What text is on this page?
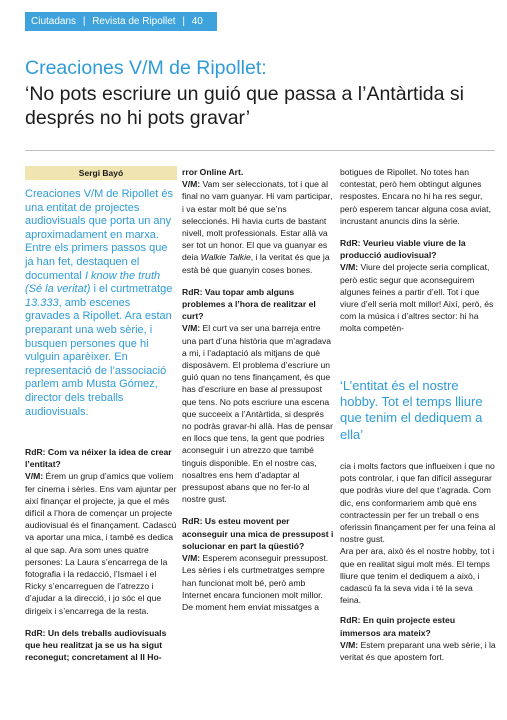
Ciutadans | Revista de Ripollet | 40
Creaciones V/M de Ripollet:
‘No pots escriure un guió que passa a l’Antàrtida si després no hi pots gravar’
Sergi Bayó
Creaciones V/M de Ripollet és una entitat de projectes audiovisuals que porta un any aproximadament en marxa. Entre els primers passos que ja han fet, destaquen el documental I know the truth (Sé la veritat) i el curtmetratge 13.333, amb escenes gravades a Ripollet. Ara estan preparant una web sèrie, i busquen persones que hi vulguin aparèixer. En representació de l’associació parlem amb Musta Gómez, director dels treballs audiovisuals.

RdR: Com va néixer la idea de crear l’entitat?

V/M: Érem un grup d’amics que volíem fer cinema i sèries. Ens vam ajuntar per així finançar el projecte, ja que el més difícil a l’hora de començar un projecte audiovisual és el finançament. Cadascú va aportar una mica, i també es dedica al que sap. Ara som unes quatre persones: La Laura s’encarrega de la fotografia i la redacció, l’Ismael i el Ricky s’encarreguen de l’atrezzo i d’ajudar a la direcció, i jo sóc el que dirigeix i s’encarrega de la resta.

RdR: Un dels treballs audiovisuals que heu realitzat ja se us ha sigut reconegut; concretament al II Ho-

rror Online Art.

V/M: Vam ser seleccionats, tot i que al final no vam guanyar. Hi vam participar, i va estar molt bé que se’ns seleccionés. Hi havia curts de bastant nivell, molt professionals. Estar allà va ser tot un honor. El que va guanyar es deia Walkie Talkie, i la veritat és que ja està bé que guanyin coses bones.

RdR: Vau topar amb alguns problemes a l’hora de realitzar el curt?

V/M: El curt va ser una barreja entre una part d’una història que m’agradava a mi, i l’adaptació als mitjans de què disposàvem. El problema d’escriure un guió quan no tens finançament, és que has d’escriure en base al pressupost que tens. No pots escriure una escena que succeeix a l’Antàrtida, si després no podràs gravar-hi allà. Has de pensar en llocs que tens, la gent que podries aconseguir i un atrezzo que també tinguis disponible. En el nostre cas, nosaltres ens hem d’adaptar al pressupost abans que no fer-lo al nostre gust.

RdR: Us esteu movent per aconseguir una mica de pressupost i solucionar en part la qüestió?

V/M: Esperem aconseguir pressupost. Les sèries i els curtmetratges sempre han funcionat molt bé, però amb Internet encara funcionen molt millor.

De moment hem enviat missatges a

botigues de Ripollet. No totes han contestat, però hem obtingut algunes respostes. Encara no hi ha res segur, però esperem tancar alguna cosa aviat, incrustant anuncis dins la sèrie.

RdR: Veurieu viable viure de la producció audiovisual?

V/M: Viure del projecte seria complicat, però estic segur que aconseguirem algunes feines a partir d’ell. Tot i que viure d’ell seria molt millor! Així, però, és com la música i d’altres sector: hi ha molta competèn-

‘L’entitat és el nostre hobby. Tot el temps lliure que tenim el dediquem a ella’

cia i molts factors que influeixen i que no pots controlar, i que fan difícil assegurar que podràs viure del que t’agrada. Com dic, ens conformariem amb què ens contractessin per fer un treball o ens oferissin finançament per fer una feina al nostre gust.

Ara per ara, això és el nostre hobby, tot i que en realitat sigui molt més. El temps lliure que tenim el dediquem a això, i cadascú fa la seva vida i té la seva feina.

RdR: En quin projecte esteu immersos ara mateix?

V/M: Estem preparant una web sèrie, i la veritat és que apostem fort.
